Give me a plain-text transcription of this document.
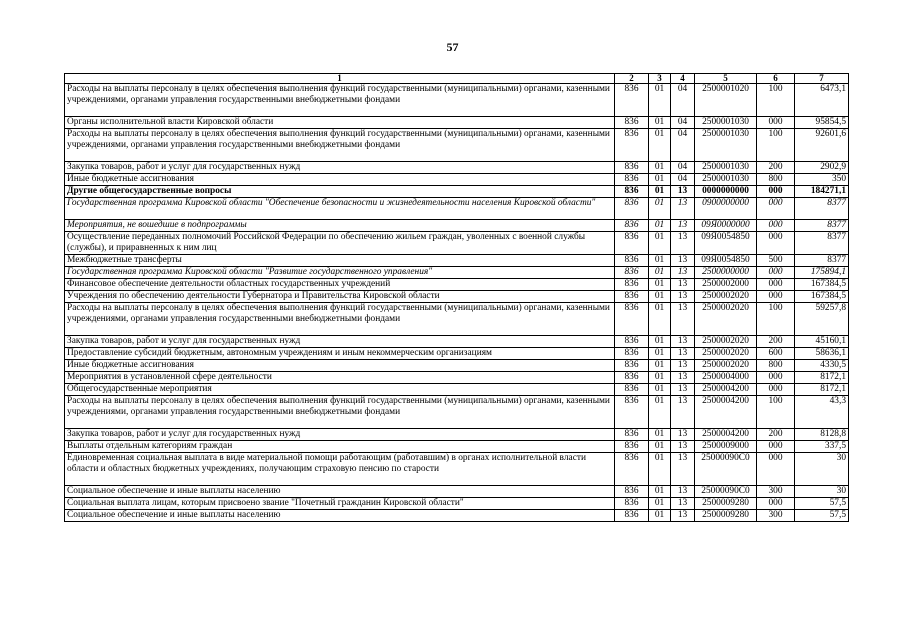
57
1	2	3	4	5	6	7
Расходы на выплаты персоналу в целях обеспечения выполнения функций государственными (муниципальными) органами, казенными учреждениями, органами управления государственными внебюджетными фондами	836	01	04	2500001020	100	6473,1
Органы исполнительной власти Кировской области	836	01	04	2500001030	000	95854,5
Расходы на выплаты персоналу в целях обеспечения выполнения функций государственными (муниципальными) органами, казенными учреждениями, органами управления государственными внебюджетными фондами	836	01	04	2500001030	100	92601,6
Закупка товаров, работ и услуг для государственных нужд	836	01	04	2500001030	200	2902,9
Иные бюджетные ассигнования	836	01	04	2500001030	800	350
Другие общегосударственные вопросы	836	01	13	0000000000	000	184271,1
Государственная программа Кировской области "Обеспечение безопасности и жизнедеятельности населения Кировской области"	836	01	13	0900000000	000	8377
Мероприятия, не вошедшие в подпрограммы	836	01	13	09Я0000000	000	8377
Осуществление переданных полномочий Российской Федерации по обеспечению жильем граждан, уволенных с военной службы (службы), и приравненных к ним лиц	836	01	13	09Я0054850	000	8377
Межбюджетные трансферты	836	01	13	09Я0054850	500	8377
Государственная программа Кировской области "Развитие государственного управления"	836	01	13	2500000000	000	175894,1
Финансовое обеспечение деятельности областных государственных учреждений	836	01	13	2500002000	000	167384,5
Учреждения по обеспечению деятельности Губернатора и Правительства Кировской области	836	01	13	2500002020	000	167384,5
Расходы на выплаты персоналу в целях обеспечения выполнения функций государственными (муниципальными) органами, казенными учреждениями, органами управления государственными внебюджетными фондами	836	01	13	2500002020	100	59257,8
Закупка товаров, работ и услуг для государственных нужд	836	01	13	2500002020	200	45160,1
Предоставление субсидий бюджетным, автономным учреждениям и иным некоммерческим организациям	836	01	13	2500002020	600	58636,1
Иные бюджетные ассигнования	836	01	13	2500002020	800	4330,5
Мероприятия в установленной сфере деятельности	836	01	13	2500004000	000	8172,1
Общегосударственные мероприятия	836	01	13	2500004200	000	8172,1
Расходы на выплаты персоналу в целях обеспечения выполнения функций государственными (муниципальными) органами, казенными учреждениями, органами управления государственными внебюджетными фондами	836	01	13	2500004200	100	43,3
Закупка товаров, работ и услуг для государственных нужд	836	01	13	2500004200	200	8128,8
Выплаты отдельным категориям граждан	836	01	13	2500009000	000	337,5
Единовременная социальная выплата в виде материальной помощи работающим (работавшим) в органах исполнительной власти области и областных бюджетных учреждениях, получающим страховую пенсию по старости	836	01	13	25000090С0	000	30
Социальное обеспечение и иные выплаты населению	836	01	13	25000090С0	300	30
Социальная выплата лицам, которым присвоено звание "Почетный гражданин Кировской области"	836	01	13	2500009280	000	57,5
Социальное обеспечение и иные выплаты населению	836	01	13	2500009280	300	57,5
